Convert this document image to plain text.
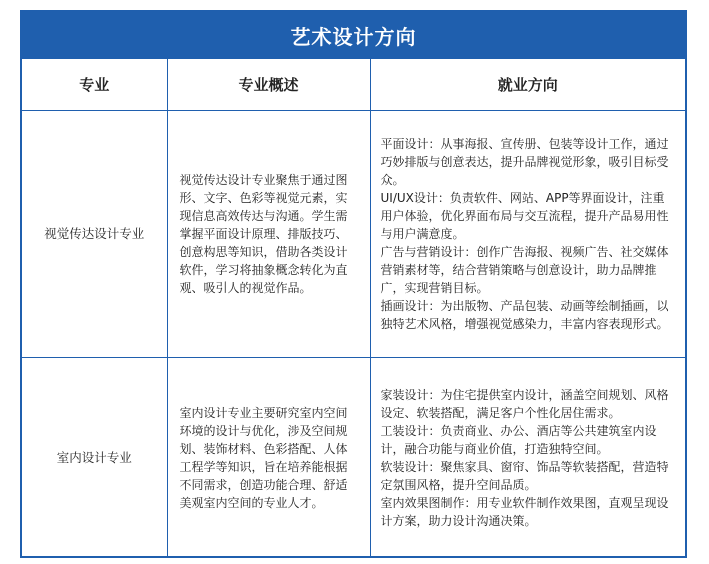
艺术设计方向
专业	专业概述	就业方向
视觉传达设计专业	视觉传达设计专业聚焦于通过图形、文字、色彩等视觉元素，实现信息高效传达与沟通。学生需掌握平面设计原理、排版技巧、创意构思等知识，借助各类设计软件，学习将抽象概念转化为直观、吸引人的视觉作品。	平面设计：从事海报、宣传册、包装等设计工作，通过巧妙排版与创意表达，提升品牌视觉形象，吸引目标受众。

UI/UX设计：负责软件、网站、APP等界面设计，注重用户体验，优化界面布局与交互流程，提升产品易用性与用户满意度。

广告与营销设计：创作广告海报、视频广告、社交媒体营销素材等，结合营销策略与创意设计，助力品牌推广，实现营销目标。

插画设计：为出版物、产品包装、动画等绘制插画，以独特艺术风格，增强视觉感染力，丰富内容表现形式。

室内设计专业	室内设计专业主要研究室内空间环境的设计与优化，涉及空间规划、装饰材料、色彩搭配、人体工程学等知识，旨在培养能根据不同需求，创造功能合理、舒适美观室内空间的专业人才。	家装设计：为住宅提供室内设计，涵盖空间规划、风格设定、软装搭配，满足客户个性化居住需求。

工装设计：负责商业、办公、酒店等公共建筑室内设计，融合功能与商业价值，打造独特空间。

软装设计：聚焦家具、窗帘、饰品等软装搭配，营造特定氛围风格，提升空间品质。

室内效果图制作：用专业软件制作效果图，直观呈现设计方案，助力设计沟通决策。
